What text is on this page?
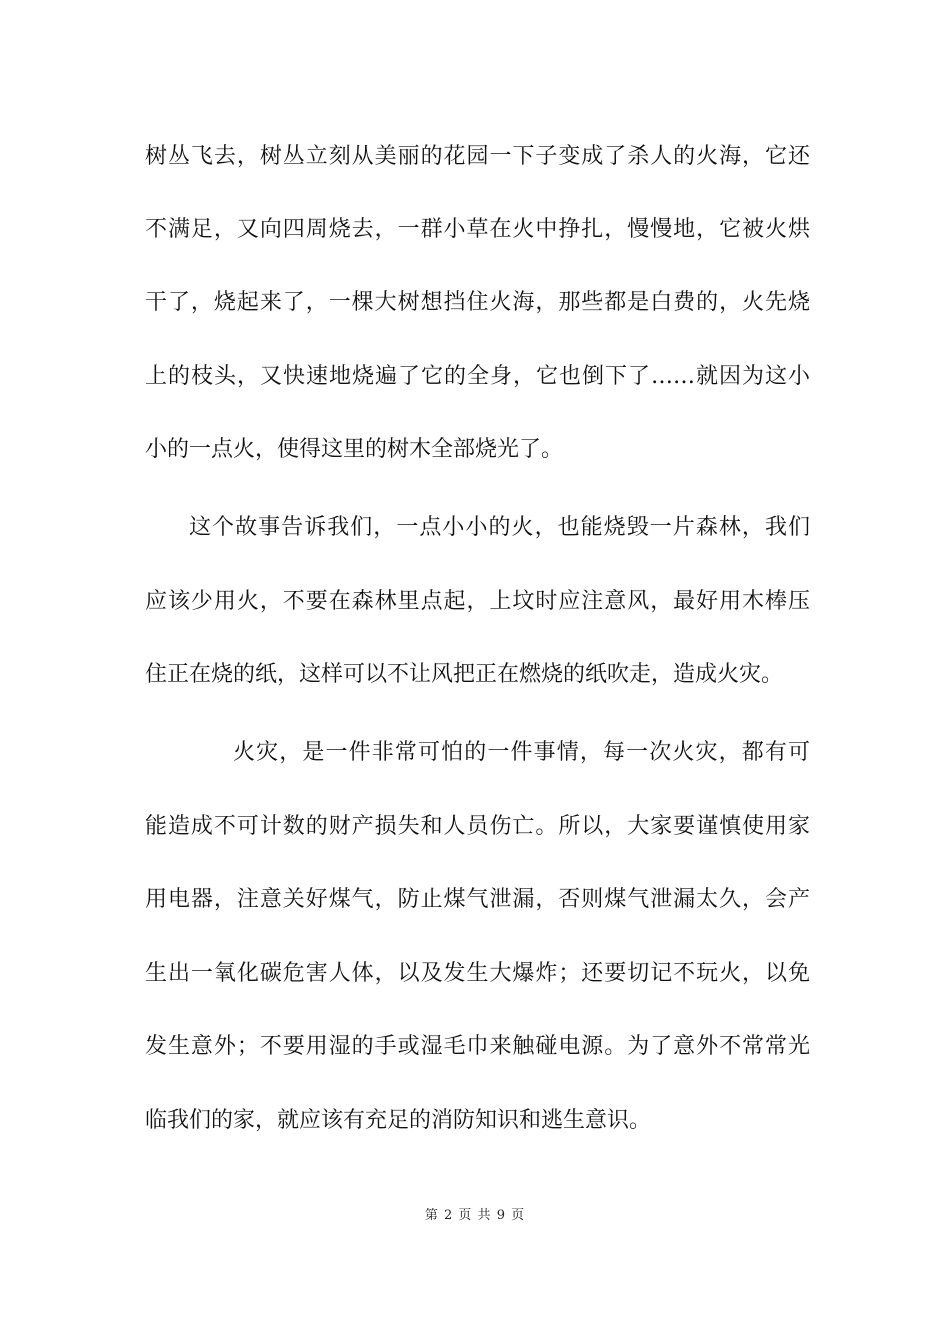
树丛飞去，树丛立刻从美丽的花园一下子变成了杀人的火海，它还
不满足，又向四周烧去，一群小草在火中挣扎，慢慢地，它被火烘
干了，烧起来了，一棵大树想挡住火海，那些都是白费的，火先烧
上的枝头，又快速地烧遍了它的全身，它也倒下了……就因为这小
小的一点火，使得这里的树木全部烧光了。
这个故事告诉我们，一点小小的火，也能烧毁一片森林，我们
应该少用火，不要在森林里点起，上坟时应注意风，最好用木棒压
住正在烧的纸，这样可以不让风把正在燃烧的纸吹走，造成火灾。
火灾，是一件非常可怕的一件事情，每一次火灾，都有可
能造成不可计数的财产损失和人员伤亡。所以，大家要谨慎使用家
用电器，注意关好煤气，防止煤气泄漏，否则煤气泄漏太久，会产
生出一氧化碳危害人体，以及发生大爆炸；还要切记不玩火，以免
发生意外；不要用湿的手或湿毛巾来触碰电源。为了意外不常常光
临我们的家，就应该有充足的消防知识和逃生意识。
第 2 页 共 9 页
